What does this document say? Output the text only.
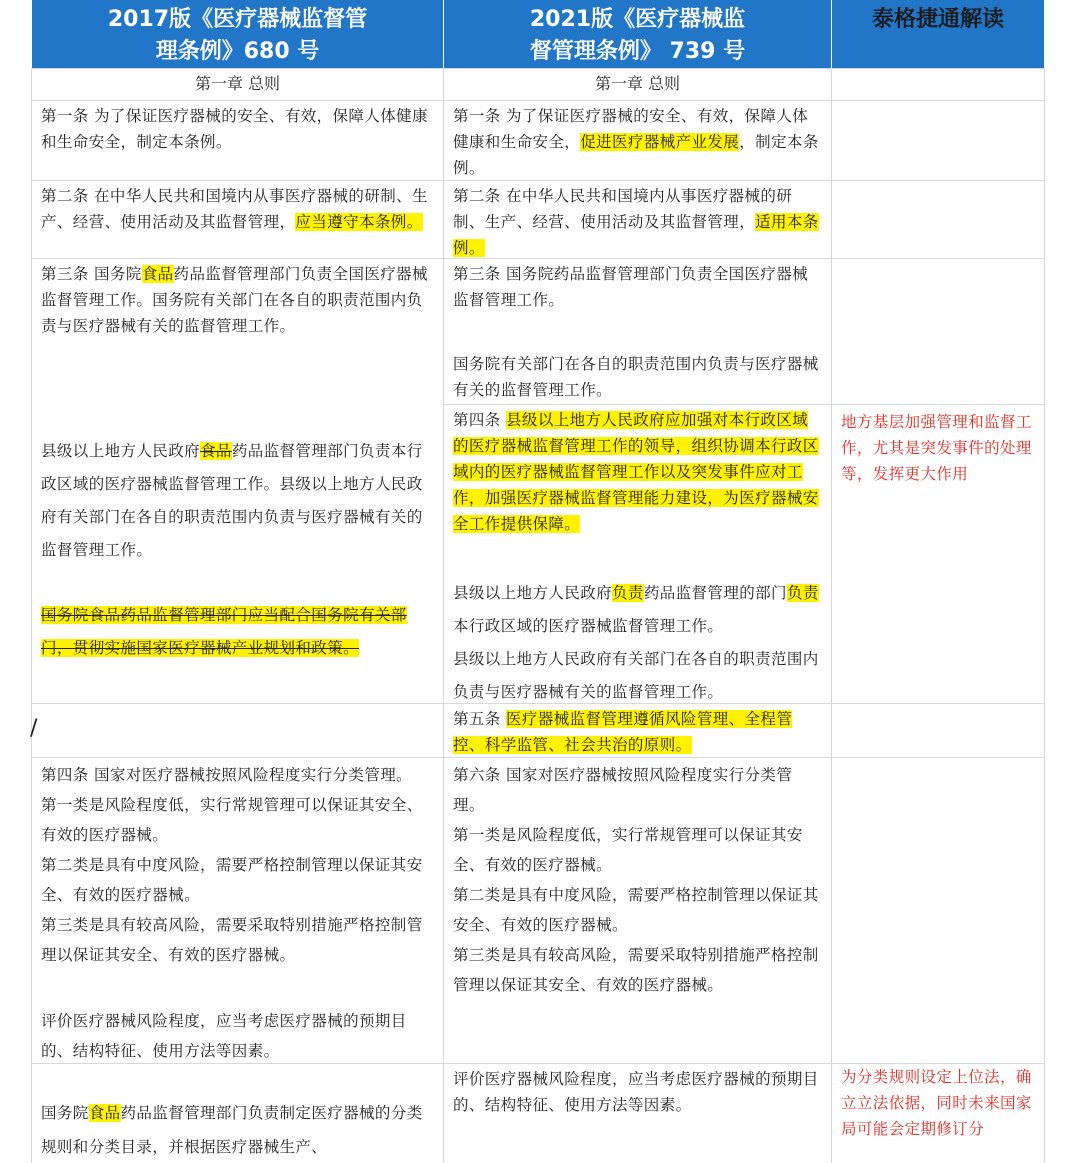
2017版《医疗器械监督管理条例》680 号
2021版《医疗器械监督管理条例》 739 号
泰格捷通解读
第一章 总则	第一章 总则
第一条 为了保证医疗器械的安全、有效，保障人体健康和生命安全，制定本条例。
第一条 为了保证医疗器械的安全、有效，保障人体健康和生命安全，促进医疗器械产业发展，制定本条例。
第二条 在中华人民共和国境内从事医疗器械的研制、生产、经营、使用活动及其监督管理，应当遵守本条例。
第二条 在中华人民共和国境内从事医疗器械的研制、生产、经营、使用活动及其监督管理，适用本条例。
第三条 国务院食品药品监督管理部门负责全国医疗器械监督管理工作。国务院有关部门在各自的职责范围内负责与医疗器械有关的监督管理工作。
县级以上地方人民政府食品药品监督管理部门负责本行政区域的医疗器械监督管理工作。县级以上地方人民政府有关部门在各自的职责范围内负责与医疗器械有关的监督管理工作。
国务院食品药品监督管理部门应当配合国务院有关部门，贯彻实施国家医疗器械产业规划和政策。
第三条 国务院药品监督管理部门负责全国医疗器械监督管理工作。
国务院有关部门在各自的职责范围内负责与医疗器械有关的监督管理工作。
第四条 县级以上地方人民政府应加强对本行政区域的医疗器械监督管理工作的领导，组织协调本行政区域内的医疗器械监督管理工作以及突发事件应对工作，加强医疗器械监督管理能力建设，为医疗器械安全工作提供保障。
县级以上地方人民政府负责药品监督管理的部门负责本行政区域的医疗器械监督管理工作。
县级以上地方人民政府有关部门在各自的职责范围内负责与医疗器械有关的监督管理工作。
地方基层加强管理和监督工作，尤其是突发事件的处理等，发挥更大作用
第五条 医疗器械监督管理遵循风险管理、全程管控、科学监管、社会共治的原则。

第四条 国家对医疗器械按照风险程度实行分类管理。

第一类是风险程度低，实行常规管理可以保证其安全、有效的医疗器械。

第二类是具有中度风险，需要严格控制管理以保证其安全、有效的医疗器械。

第三类是具有较高风险，需要采取特别措施严格控制管理以保证其安全、有效的医疗器械。

评价医疗器械风险程度，应当考虑医疗器械的预期目的、结构特征、使用方法等因素。

第六条 国家对医疗器械按照风险程度实行分类管理。

第一类是风险程度低，实行常规管理可以保证其安全、有效的医疗器械。

第二类是具有中度风险，需要严格控制管理以保证其安全、有效的医疗器械。

第三类是具有较高风险，需要采取特别措施严格控制管理以保证其安全、有效的医疗器械。

国务院食品药品监督管理部门负责制定医疗器械的分类规则和分类目录，并根据医疗器械生产、
评价医疗器械风险程度，应当考虑医疗器械的预期目的、结构特征、使用方法等因素。
为分类规则设定上位法，确立立法依据，同时未来国家局可能会定期修订分
/
